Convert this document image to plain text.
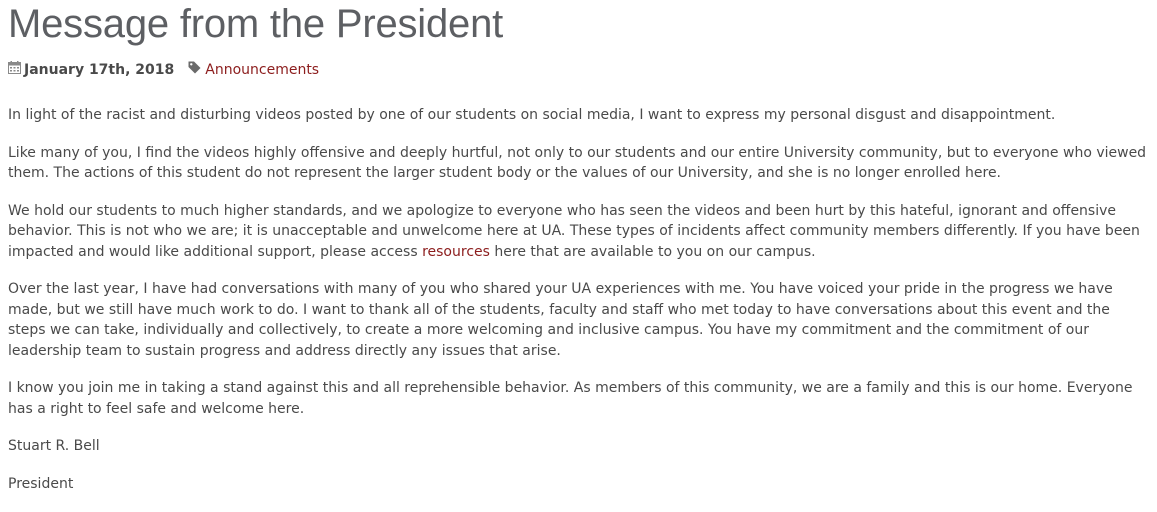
Message from the President
January 17th, 2018 Announcements

In light of the racist and disturbing videos posted by one of our students on social media, I want to express my personal disgust and disappointment.

Like many of you, I find the videos highly offensive and deeply hurtful, not only to our students and our entire University community, but to everyone who viewed them. The actions of this student do not represent the larger student body or the values of our University, and she is no longer enrolled here.

We hold our students to much higher standards, and we apologize to everyone who has seen the videos and been hurt by this hateful, ignorant and offensive behavior. This is not who we are; it is unacceptable and unwelcome here at UA. These types of incidents affect community members differently. If you have been impacted and would like additional support, please access resources here that are available to you on our campus.

Over the last year, I have had conversations with many of you who shared your UA experiences with me. You have voiced your pride in the progress we have made, but we still have much work to do. I want to thank all of the students, faculty and staff who met today to have conversations about this event and the steps we can take, individually and collectively, to create a more welcoming and inclusive campus. You have my commitment and the commitment of our leadership team to sustain progress and address directly any issues that arise.

I know you join me in taking a stand against this and all reprehensible behavior. As members of this community, we are a family and this is our home. Everyone has a right to feel safe and welcome here.

Stuart R. Bell

President
